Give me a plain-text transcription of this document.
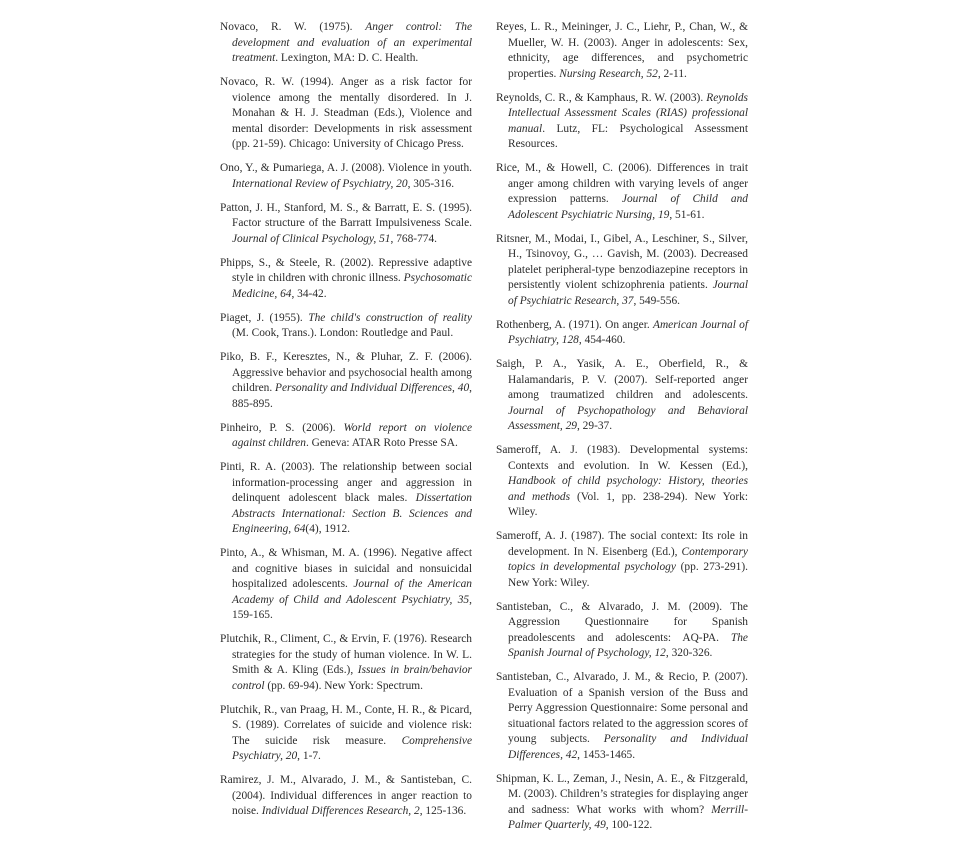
Novaco, R. W. (1975). Anger control: The development and evaluation of an experimental treatment. Lexington, MA: D. C. Health.

Novaco, R. W. (1994). Anger as a risk factor for violence among the mentally disordered. In J. Monahan & H. J. Steadman (Eds.), Violence and mental disorder: Developments in risk assessment (pp. 21-59). Chicago: University of Chicago Press.

Ono, Y., & Pumariega, A. J. (2008). Violence in youth. International Review of Psychiatry, 20, 305-316.

Patton, J. H., Stanford, M. S., & Barratt, E. S. (1995). Factor structure of the Barratt Impulsiveness Scale. Journal of Clinical Psychology, 51, 768-774.

Phipps, S., & Steele, R. (2002). Repressive adaptive style in children with chronic illness. Psychosomatic Medicine, 64, 34-42.

Piaget, J. (1955). The child's construction of reality (M. Cook, Trans.). London: Routledge and Paul.

Piko, B. F., Keresztes, N., & Pluhar, Z. F. (2006). Aggressive behavior and psychosocial health among children. Personality and Individual Differences, 40, 885-895.

Pinheiro, P. S. (2006). World report on violence against children. Geneva: ATAR Roto Presse SA.

Pinti, R. A. (2003). The relationship between social information-processing anger and aggression in delinquent adolescent black males. Dissertation Abstracts International: Section B. Sciences and Engineering, 64(4), 1912.

Pinto, A., & Whisman, M. A. (1996). Negative affect and cognitive biases in suicidal and nonsuicidal hospitalized adolescents. Journal of the American Academy of Child and Adolescent Psychiatry, 35, 159-165.

Plutchik, R., Climent, C., & Ervin, F. (1976). Research strategies for the study of human violence. In W. L. Smith & A. Kling (Eds.), Issues in brain/behavior control (pp. 69-94). New York: Spectrum.

Plutchik, R., van Praag, H. M., Conte, H. R., & Picard, S. (1989). Correlates of suicide and violence risk: The suicide risk measure. Comprehensive Psychiatry, 20, 1-7.

Ramirez, J. M., Alvarado, J. M., & Santisteban, C. (2004). Individual differences in anger reaction to noise. Individual Differences Research, 2, 125-136.

Reyes, L. R., Meininger, J. C., Liehr, P., Chan, W., & Mueller, W. H. (2003). Anger in adolescents: Sex, ethnicity, age differences, and psychometric properties. Nursing Research, 52, 2-11.

Reynolds, C. R., & Kamphaus, R. W. (2003). Reynolds Intellectual Assessment Scales (RIAS) professional manual. Lutz, FL: Psychological Assessment Resources.

Rice, M., & Howell, C. (2006). Differences in trait anger among children with varying levels of anger expression patterns. Journal of Child and Adolescent Psychiatric Nursing, 19, 51-61.

Ritsner, M., Modai, I., Gibel, A., Leschiner, S., Silver, H., Tsinovoy, G., … Gavish, M. (2003). Decreased platelet peripheral-type benzodiazepine receptors in persistently violent schizophrenia patients. Journal of Psychiatric Research, 37, 549-556.

Rothenberg, A. (1971). On anger. American Journal of Psychiatry, 128, 454-460.

Saigh, P. A., Yasik, A. E., Oberfield, R., & Halamandaris, P. V. (2007). Self-reported anger among traumatized children and adolescents. Journal of Psychopathology and Behavioral Assessment, 29, 29-37.

Sameroff, A. J. (1983). Developmental systems: Contexts and evolution. In W. Kessen (Ed.), Handbook of child psychology: History, theories and methods (Vol. 1, pp. 238-294). New York: Wiley.

Sameroff, A. J. (1987). The social context: Its role in development. In N. Eisenberg (Ed.), Contemporary topics in developmental psychology (pp. 273-291). New York: Wiley.

Santisteban, C., & Alvarado, J. M. (2009). The Aggression Questionnaire for Spanish preadolescents and adolescents: AQ-PA. The Spanish Journal of Psychology, 12, 320-326.

Santisteban, C., Alvarado, J. M., & Recio, P. (2007). Evaluation of a Spanish version of the Buss and Perry Aggression Questionnaire: Some personal and situational factors related to the aggression scores of young subjects. Personality and Individual Differences, 42, 1453-1465.

Shipman, K. L., Zeman, J., Nesin, A. E., & Fitzgerald, M. (2003). Children’s strategies for displaying anger and sadness: What works with whom? Merrill-Palmer Quarterly, 49, 100-122.
